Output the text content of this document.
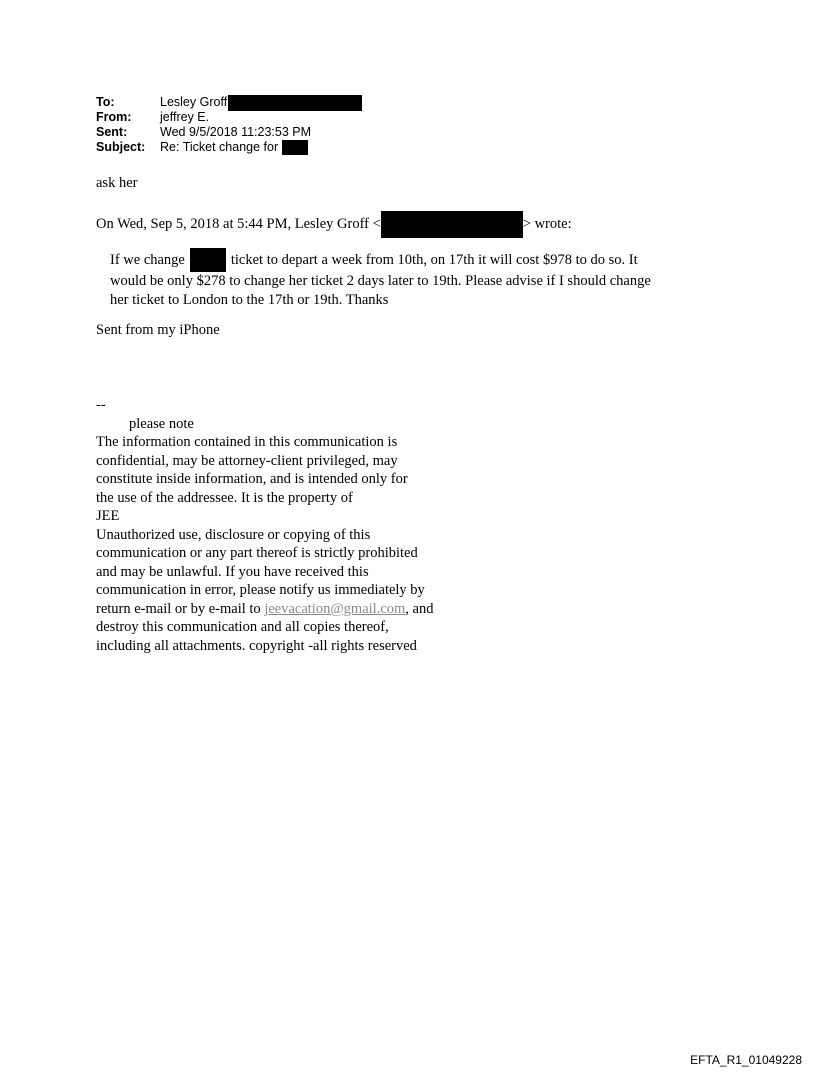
To:	Lesley Groff
From:	jeffrey E.
Sent:	Wed 9/5/2018 11:23:53 PM
Subject:	Re: Ticket change for
ask her
On Wed, Sep 5, 2018 at 5:44 PM, Lesley Groff <	> wrote:
If we change	ticket to depart a week from 10th, on 17th it will cost $978 to do so. It
would be only $278 to change her ticket 2 days later to 19th. Please advise if I should change
her ticket to London to the 17th or 19th. Thanks
Sent from my iPhone
--
please note
The information contained in this communication is
confidential, may be attorney-client privileged, may
constitute inside information, and is intended only for
the use of the addressee. It is the property of
JEE
Unauthorized use, disclosure or copying of this
communication or any part thereof is strictly prohibited
and may be unlawful. If you have received this
communication in error, please notify us immediately by
return e-mail or by e-mail to jeevacation@gmail.com, and
destroy this communication and all copies thereof,
including all attachments. copyright -all rights reserved
EFTA_R1_01049228
